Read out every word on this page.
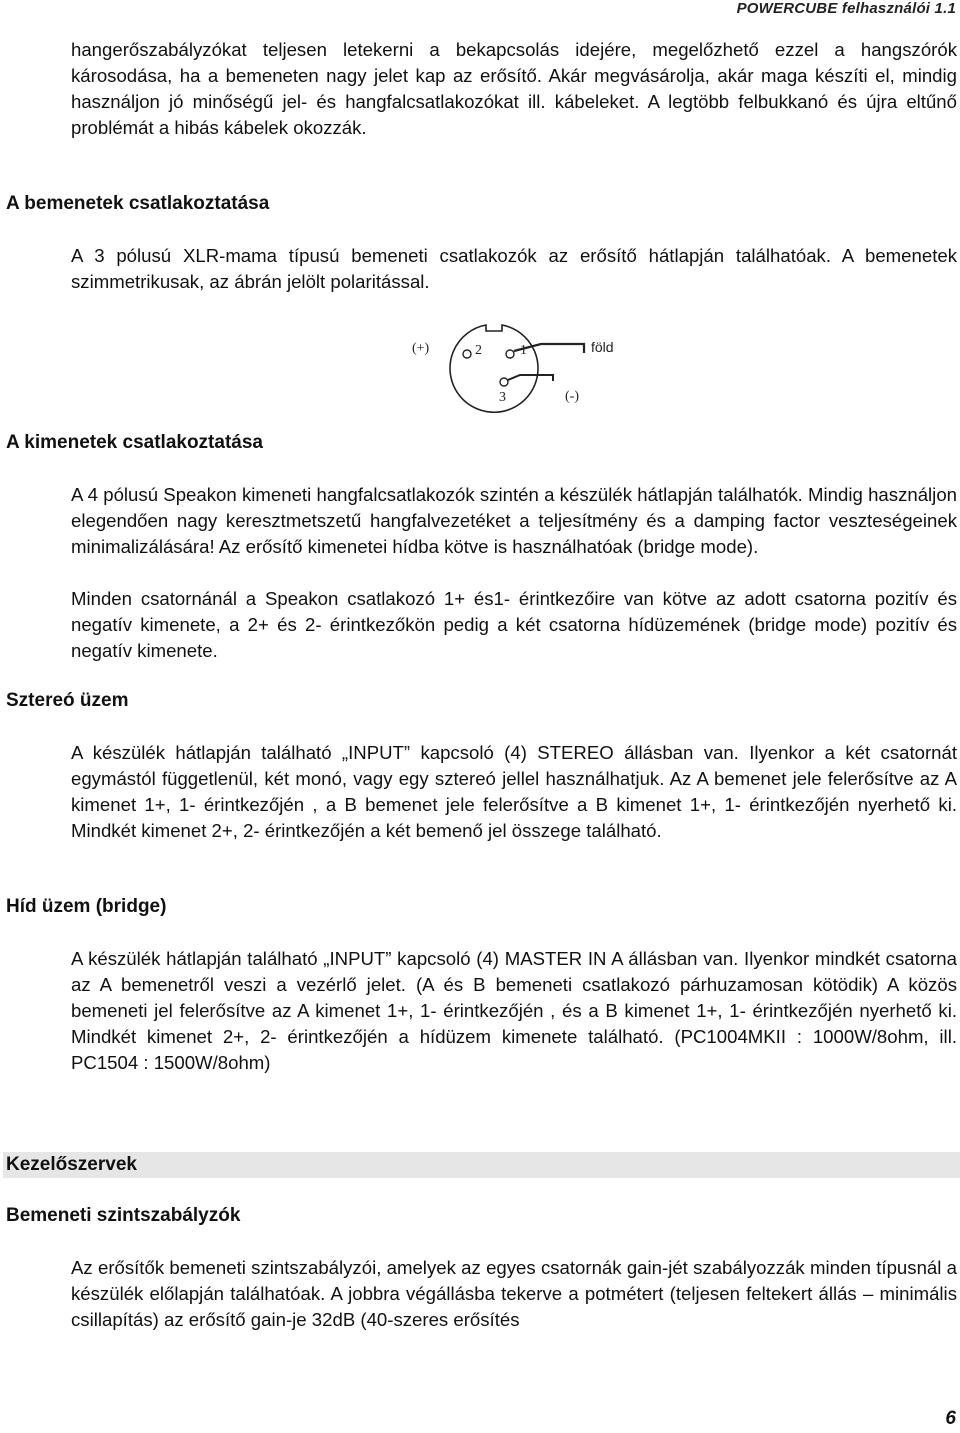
POWERCUBE felhasználói 1.1
hangerőszabályzókat teljesen letekerni a bekapcsolás idejére, megelőzhető ezzel a hangszórók károsodása, ha a bemeneten nagy jelet kap az erősítő. Akár megvásárolja, akár maga készíti el, mindig használjon jó minőségű jel- és hangfalcsatlakozókat ill. kábeleket. A legtöbb felbukkanó és újra eltűnő problémát a hibás kábelek okozzák.
A bemenetek csatlakoztatása
A 3 pólusú XLR-mama típusú bemeneti csatlakozók az erősítő hátlapján találhatóak. A bemenetek szimmetrikusak, az ábrán jelölt polaritással.
(+)	2	1
3	(-)
föld
A kimenetek csatlakoztatása
A 4 pólusú Speakon kimeneti hangfalcsatlakozók szintén a készülék hátlapján találhatók. Mindig használjon elegendően nagy keresztmetszetű hangfalvezetéket a teljesítmény és a damping factor veszteségeinek minimalizálására! Az erősítő kimenetei hídba kötve is használhatóak (bridge mode).
Minden csatornánál a Speakon csatlakozó 1+ és1- érintkezőire van kötve az adott csatorna pozitív és negatív kimenete, a 2+ és 2- érintkezőkön pedig a két csatorna hídüzemének (bridge mode) pozitív és negatív kimenete.
Sztereó üzem
A készülék hátlapján található „INPUT” kapcsoló (4) STEREO állásban van. Ilyenkor a két csatornát egymástól függetlenül, két monó, vagy egy sztereó jellel használhatjuk. Az A bemenet jele felerősítve az A kimenet 1+, 1- érintkezőjén , a B bemenet jele felerősítve a B kimenet 1+, 1- érintkezőjén nyerhető ki. Mindkét kimenet 2+, 2- érintkezőjén a két bemenő jel összege található.
Híd üzem (bridge)
A készülék hátlapján található „INPUT” kapcsoló (4) MASTER IN A állásban van. Ilyenkor mindkét csatorna az A bemenetről veszi a vezérlő jelet. (A és B bemeneti csatlakozó párhuzamosan kötödik) A közös bemeneti jel felerősítve az A kimenet 1+, 1- érintkezőjén , és a B kimenet 1+, 1- érintkezőjén nyerhető ki. Mindkét kimenet 2+, 2- érintkezőjén a hídüzem kimenete található. (PC1004MKII : 1000W/8ohm, ill. PC1504 : 1500W/8ohm)
Kezelőszervek
Bemeneti szintszabályzók
Az erősítők bemeneti szintszabályzói, amelyek az egyes csatornák gain-jét szabályozzák minden típusnál a készülék előlapján találhatóak. A jobbra végállásba tekerve a potmétert (teljesen feltekert állás – minimális csillapítás) az erősítő gain-je 32dB (40-szeres erősítés
6
